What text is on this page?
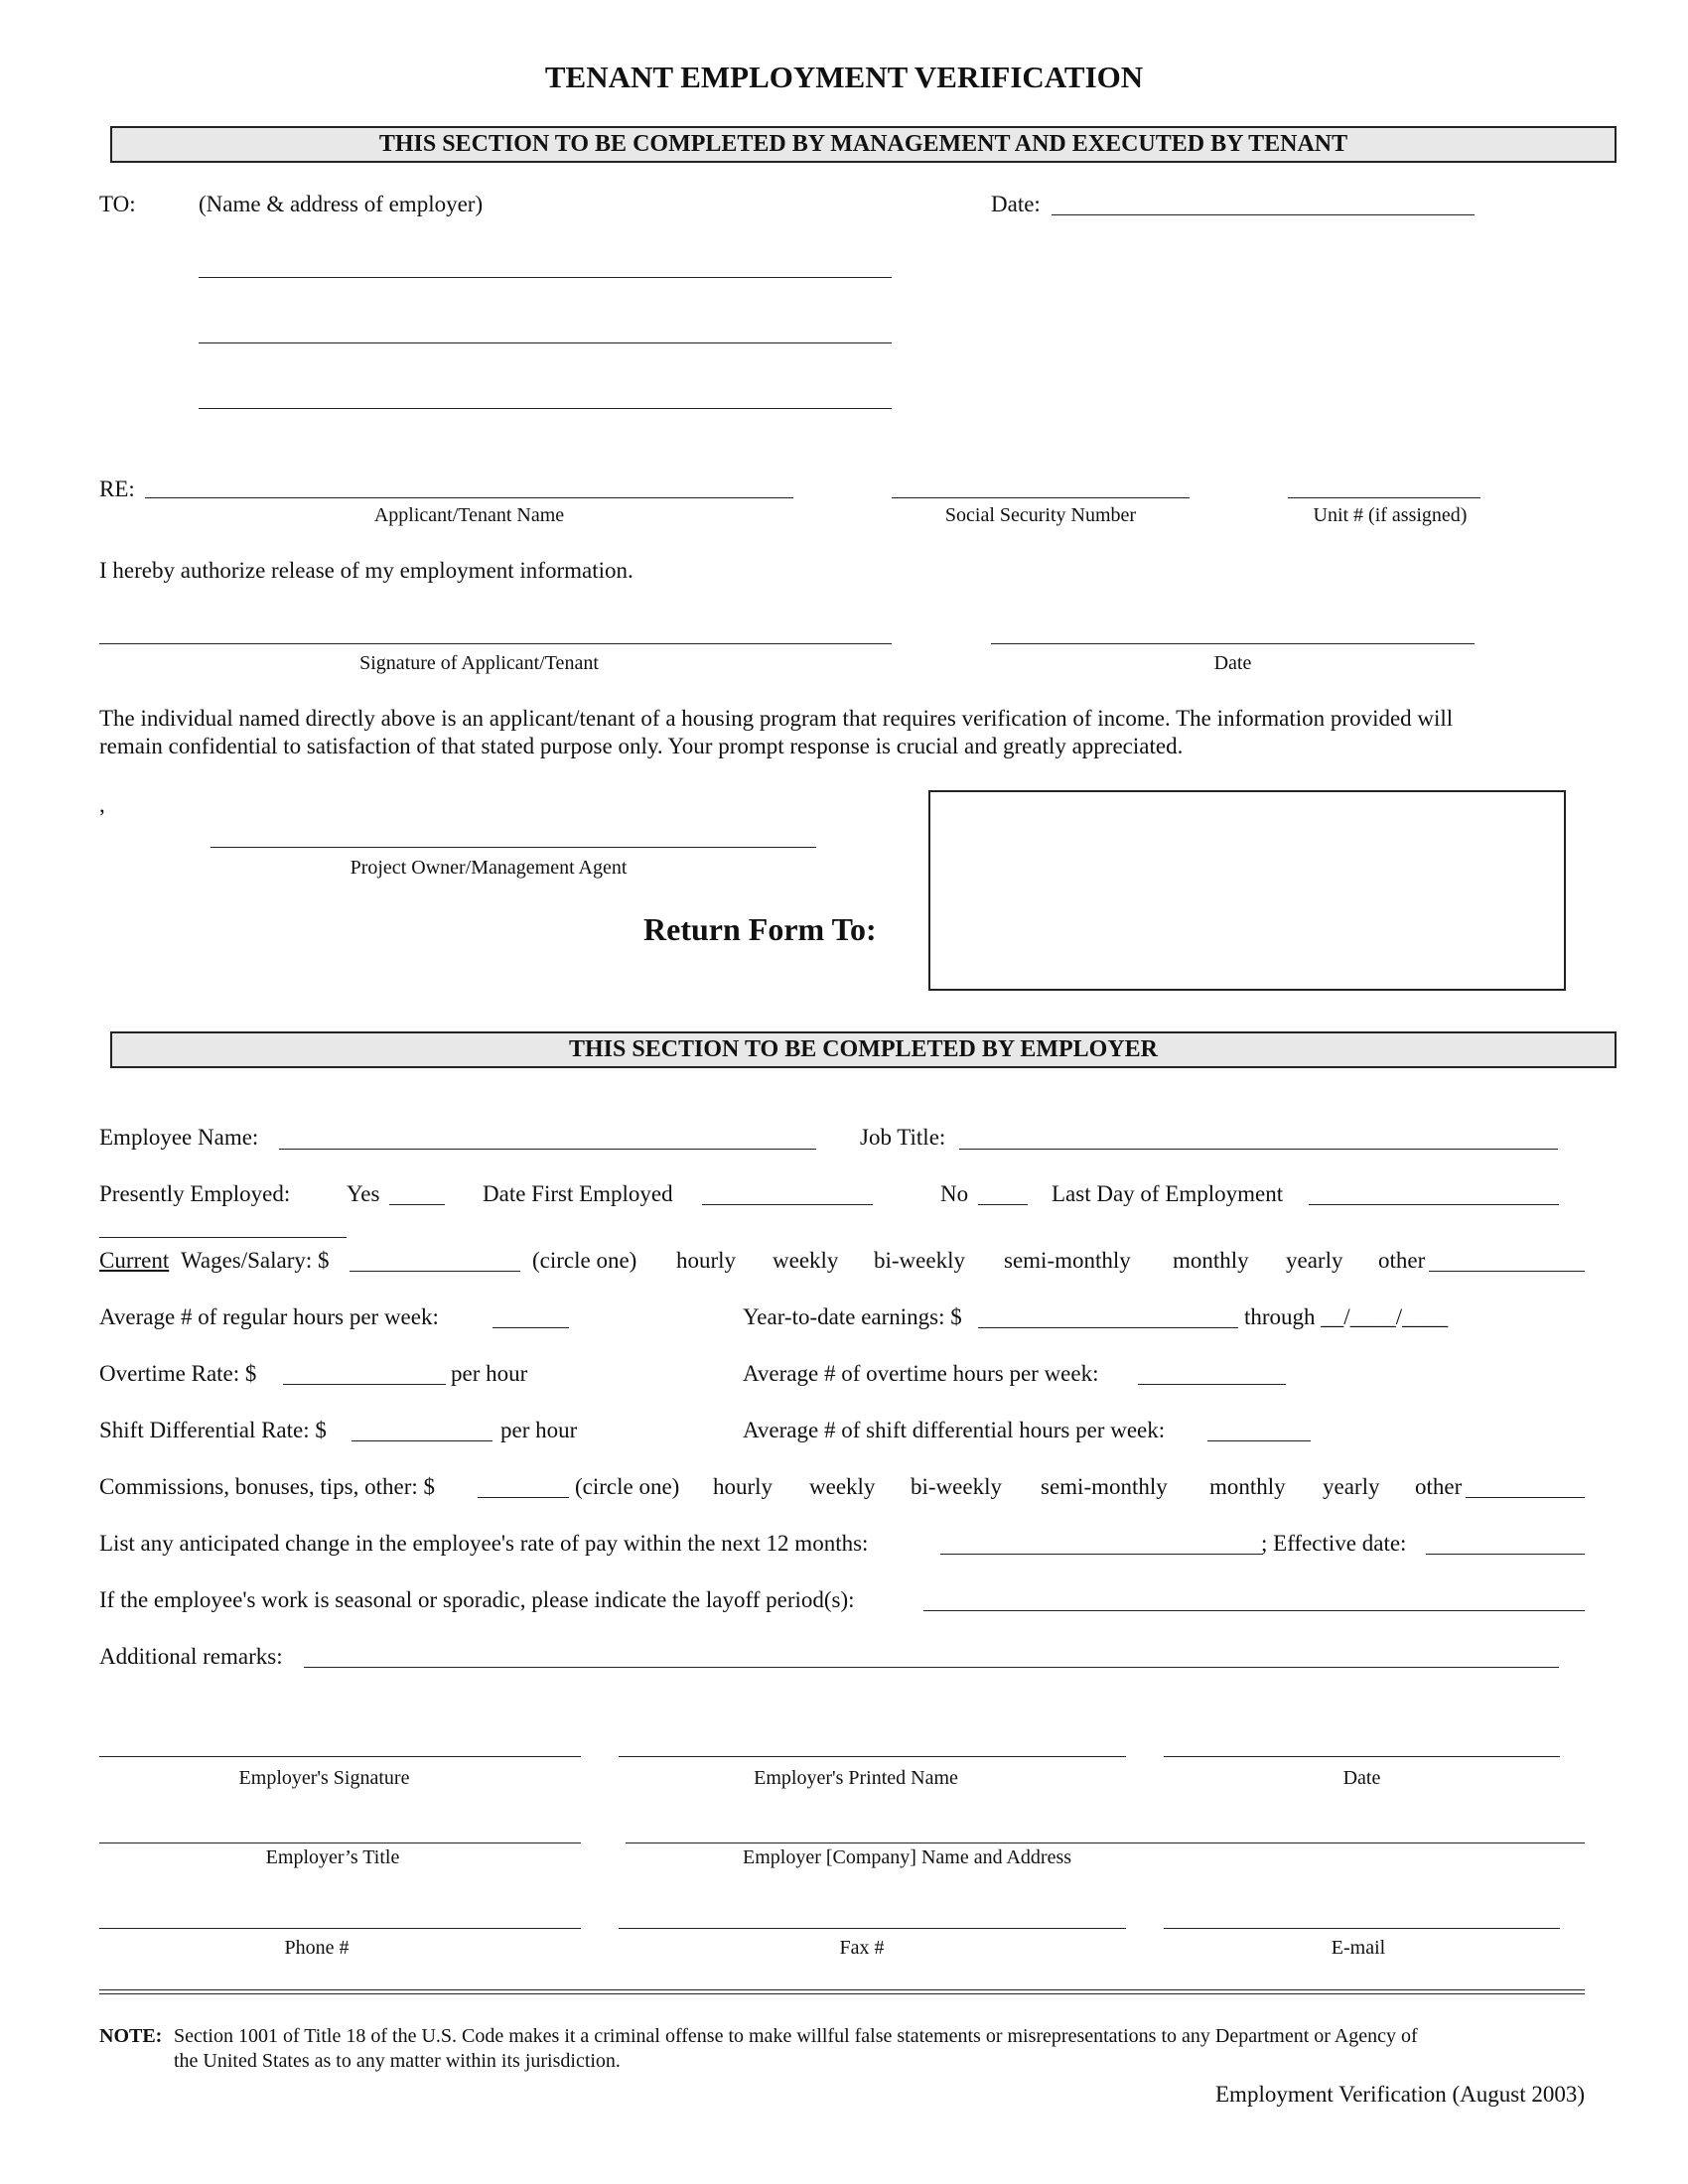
TENANT EMPLOYMENT VERIFICATION
THIS SECTION TO BE COMPLETED BY MANAGEMENT AND EXECUTED BY TENANT
TO:	(Name & address of employer)	Date:
RE:
Applicant/Tenant Name	Social Security Number	Unit # (if assigned)
I hereby authorize release of my employment information.
Signature of Applicant/Tenant	Date
The individual named directly above is an applicant/tenant of a housing program that requires verification of income. The information provided will
remain confidential to satisfaction of that stated purpose only. Your prompt response is crucial and greatly appreciated.
,
Project Owner/Management Agent
Return Form To:
THIS SECTION TO BE COMPLETED BY EMPLOYER
Employee Name:	Job Title:
Presently Employed: Yes	Date First Employed	No	Last Day of Employment
Current Wages/Salary: $	(circle one) hourly weekly bi-weekly semi-monthly monthly yearly other
Average # of regular hours per week:	Year-to-date earnings: $	through __/____/____
Overtime Rate: $	per hour	Average # of overtime hours per week:
Shift Differential Rate: $	per hour	Average # of shift differential hours per week:
Commissions, bonuses, tips, other: $	(circle one) hourly weekly bi-weekly semi-monthly monthly yearly other
List any anticipated change in the employee's rate of pay within the next 12 months:	; Effective date:
If the employee's work is seasonal or sporadic, please indicate the layoff period(s):
Additional remarks:
Employer's Signature	Employer's Printed Name	Date
Employer’s Title	Employer [Company] Name and Address
Phone #	Fax #	E-mail
NOTE: Section 1001 of Title 18 of the U.S. Code makes it a criminal offense to make willful false statements or misrepresentations to any Department or Agency of
the United States as to any matter within its jurisdiction.
Employment Verification (August 2003)
